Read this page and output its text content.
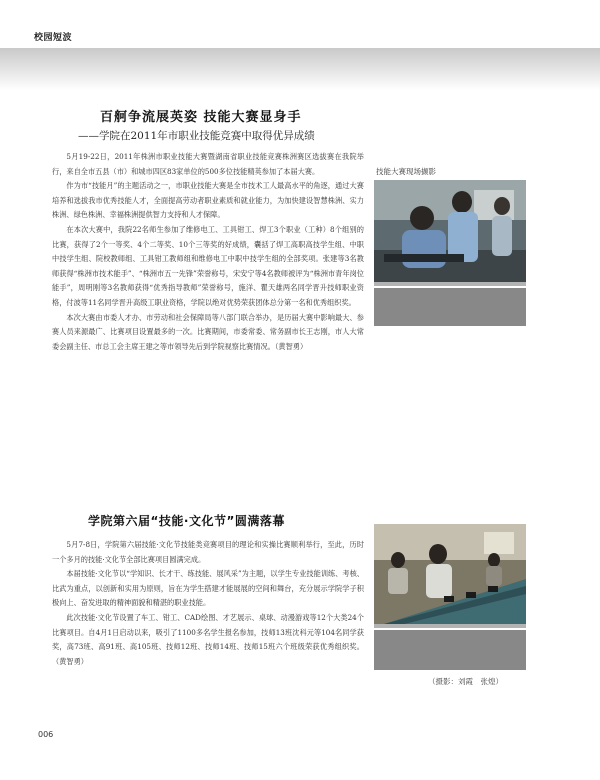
校园短波
百舸争流展英姿 技能大赛显身手
——学院在2011年市职业技能竞赛中取得优异成绩

5月19-22日，2011年株洲市职业技能大赛暨湖南省职业技能竞赛株洲赛区选拔赛在我院举行，来自全市五县（市）和城市四区83家单位的500多位技能精英参加了本届大赛。

作为市“技能月”的主题活动之一，市职业技能大赛是全市技术工人最高水平的角逐，通过大赛培养和选拔我市优秀技能人才，全面提高劳动者职业素质和就业能力，为加快建设智慧株洲、实力株洲、绿色株洲、幸福株洲提供智力支持和人才保障。

在本次大赛中，我院22名师生参加了维修电工、工具钳工、焊工3个职业（工种）8个组别的比赛，获得了2个一等奖、4个二等奖、10个三等奖的好成绩，囊括了焊工高职高技学生组、中职中技学生组、院校教师组、工具钳工教师组和维修电工中职中技学生组的全部奖项。张建等3名教师获得“株洲市技术能手”、“株洲市五一先锋”荣誉称号，宋安宁等4名教师被评为“株洲市青年岗位能手”，周明刚等3名教师获得“优秀指导教师”荣誉称号，施洋、瞿天雄两名同学晋升技师职业资格，付波等11名同学晋升高级工职业资格，学院以绝对优势荣获团体总分第一名和优秀组织奖。

本次大赛由市委人才办、市劳动和社会保障局等八部门联合举办，是历届大赛中影响最大、参赛人员来源最广、比赛项目设置最多的一次。比赛期间，市委常委、常务副市长王志刚，市人大常委会副主任、市总工会主席王建之等市领导先后到学院视察比赛情况。（黄智勇）

技能大赛现场撷影
学院第六届“技能·文化节”圆满落幕

5月7-8日，学院第六届技能·文化节技能类竞赛项目的理论和实操比赛顺利举行，至此，历时一个多月的技能·文化节全部比赛项目圆满完成。

本届技能·文化节以“学知识、长才干、练技能、展风采”为主题，以学生专业技能训练、考核、比武为重点，以创新和实用为原则，旨在为学生搭建才能展展的空间和舞台，充分展示学院学子积极向上、奋发进取的精神面貌和精湛的职业技能。

此次技能·文化节设置了车工、钳工、CAD绘图、才艺展示、桌球、动漫游戏等12个大类24个比赛项目。自4月1日启动以来，吸引了1100多名学生报名参加，技师13班沈科元等104名同学获奖，高73班、高91班、高105班、技师12班、技师14班、技师15班六个班级荣获优秀组织奖。（黄智勇）

（摄影：刘霞　张煌）
006
